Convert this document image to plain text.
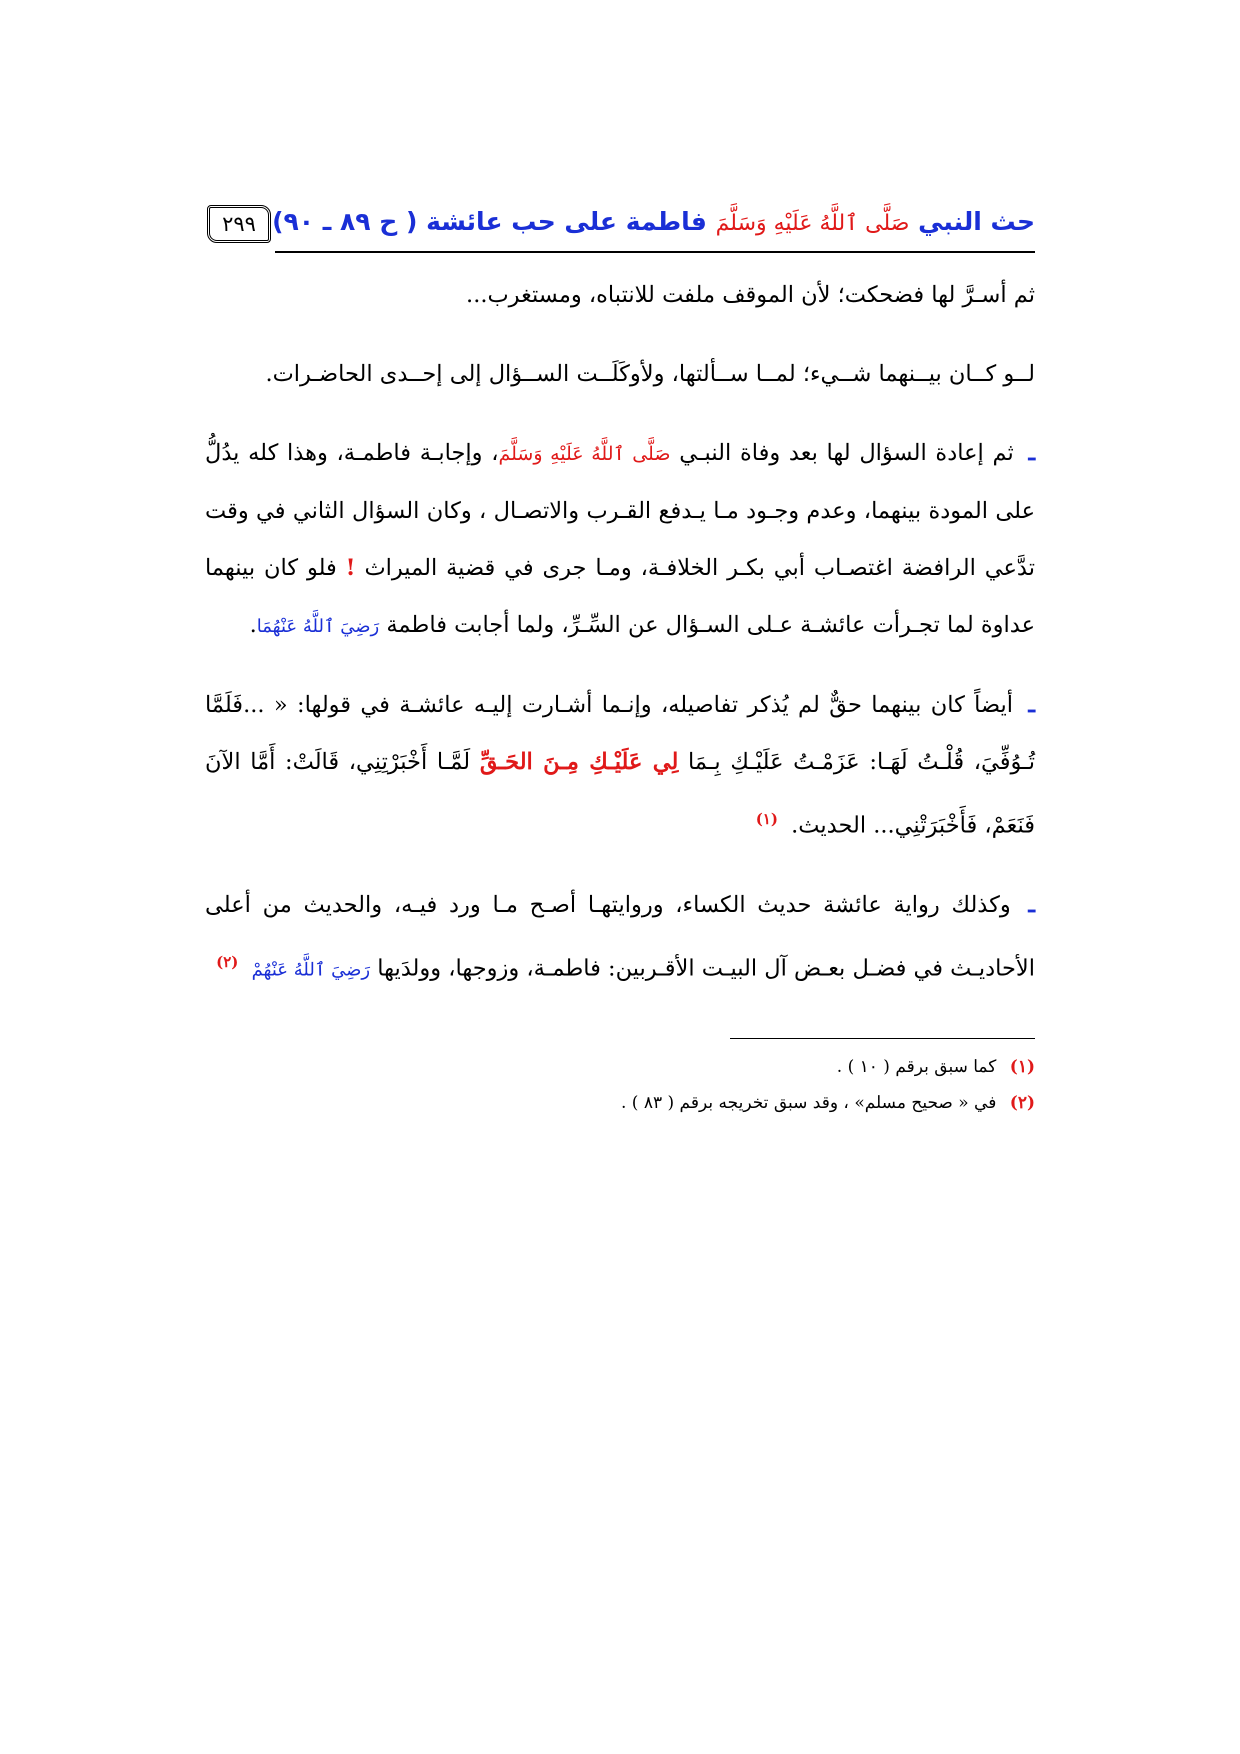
حث النبي صَلَّى ٱللَّهُ عَلَيْهِ وَسَلَّمَ فاطمة على حب عائشة ( ح ٨٩ ـ ٩٠)
٢٩٩

ثم أسـرَّ لها فضحكت؛ لأن الموقف ملفت للانتباه، ومستغرب...

لــو كــان بيــنهما شــيء؛ لمــا ســألتها، ولأوكَلَــت الســؤال إلى إحــدى الحاضـرات.

ـ ثم إعادة السؤال لها بعد وفاة النبـي صَلَّى ٱللَّهُ عَلَيْهِ وَسَلَّمَ، وإجابـة فاطمـة، وهذا كله يدُلُّ على المودة بينهما، وعدم وجـود مـا يـدفع القـرب والاتصـال ، وكان السؤال الثاني في وقت تدَّعي الرافضة اغتصـاب أبي بكـر الخلافـة، ومـا جرى في قضية الميراث ! فلو كان بينهما عداوة لما تجـرأت عائشـة عـلى السـؤال عن السِّـرِّ، ولما أجابت فاطمة رَضِيَ ٱللَّهُ عَنْهُمَا.

ـ أيضاً كان بينهما حقٌّ لم يُذكر تفاصيله، وإنـما أشـارت إليـه عائشـة في قولها: « ...فَلَمَّا تُـوُفِّيَ، قُلْـتُ لَهَـا: عَزَمْـتُ عَلَيْـكِ بِـمَا لِي عَلَيْـكِ مِـنَ الحَـقِّ لَمَّـا أَخْبَرْتِنِي، قَالَتْ: أَمَّا الآنَ فَنَعَمْ، فَأَخْبَرَتْنِي... الحديث. $^{(١)}$

ـ وكذلك رواية عائشة حديث الكساء، وروايتهـا أصـح مـا ورد فيـه، والحديث من أعلى الأحاديـث في فضـل بعـض آل البيـت الأقـربين: فاطمـة، وزوجها، وولدَيها رَضِيَ ٱللَّهُ عَنْهُمْ $^{(٢)}$

(١) كما سبق برقم ( ١٠ ) .
(٢) في « صحيح مسلم» ، وقد سبق تخريجه برقم ( ٨٣ ) .
